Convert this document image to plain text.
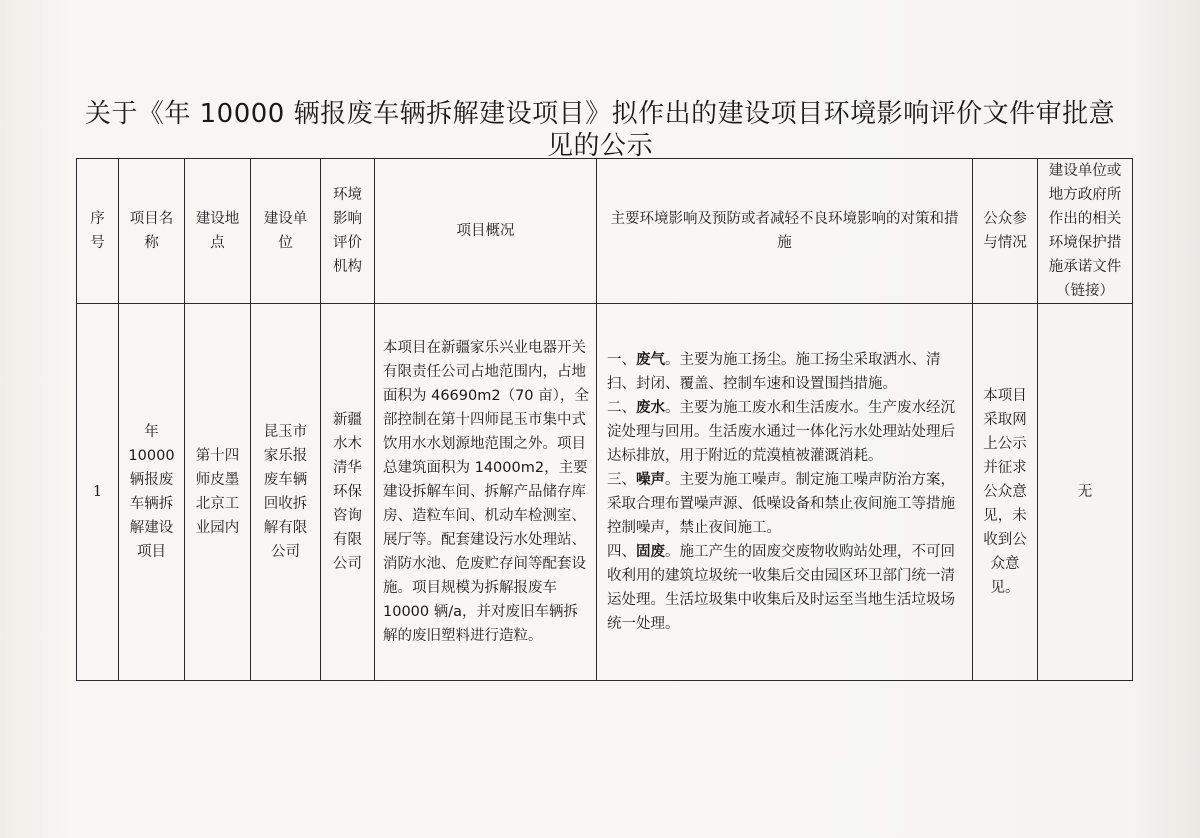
关于《年 10000 辆报废车辆拆解建设项目》拟作出的建设项目环境影响评价文件审批意
见的公示
序号	项目名称	建设地点	建设单位	环境影响评价机构	项目概况	主要环境影响及预防或者减轻不良环境影响的对策和措施	公众参与情况	建设单位或地方政府所作出的相关环境保护措施承诺文件（链接）
1	年10000辆报废车辆拆解建设项目	第十四师皮墨北京工业园内	昆玉市家乐报废车辆回收拆解有限公司	新疆水木清华环保咨询有限公司	本项目在新疆家乐兴业电器开关有限责任公司占地范围内，占地面积为 46690m2（70 亩），全部控制在第十四师昆玉市集中式饮用水水划源地范围之外。项目总建筑面积为 14000m2，主要建设拆解车间、拆解产品储存库房、造粒车间、机动车检测室、展厅等。配套建设污水处理站、消防水池、危废贮存间等配套设施。项目规模为拆解报废车 10000 辆/a，并对废旧车辆拆解的废旧塑料进行造粒。	一、废气。主要为施工扬尘。施工扬尘采取洒水、清扫、封闭、覆盖、控制车速和设置围挡措施。

二、废水。主要为施工废水和生活废水。生产废水经沉淀处理与回用。生活废水通过一体化污水处理站处理后达标排放，用于附近的荒漠植被灌溉消耗。

三、噪声。主要为施工噪声。制定施工噪声防治方案，采取合理布置噪声源、低噪设备和禁止夜间施工等措施控制噪声，禁止夜间施工。

四、固废。施工产生的固废交废物收购站处理，不可回收利用的建筑垃圾统一收集后交由园区环卫部门统一清运处理。生活垃圾集中收集后及时运至当地生活垃圾场统一处理。	本项目采取网上公示并征求公众意见，未收到公众意见。	无
